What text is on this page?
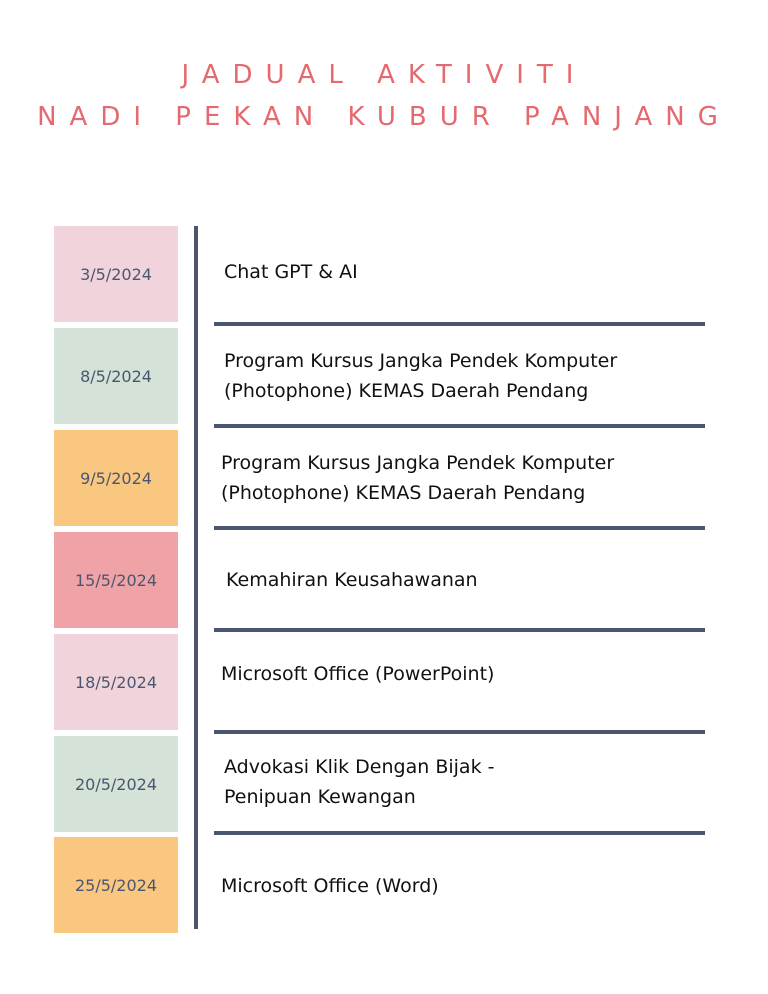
JADUAL AKTIVITI
NADI PEKAN KUBUR PANJANG
3/5/2024
8/5/2024
9/5/2024
15/5/2024
18/5/2024
20/5/2024
25/5/2024
Chat GPT & AI
Program Kursus Jangka Pendek Komputer
(Photophone) KEMAS Daerah Pendang
Program Kursus Jangka Pendek Komputer
(Photophone) KEMAS Daerah Pendang
Kemahiran Keusahawanan
Microsoft Office (PowerPoint)
Advokasi Klik Dengan Bijak -
Penipuan Kewangan
Microsoft Office (Word)
